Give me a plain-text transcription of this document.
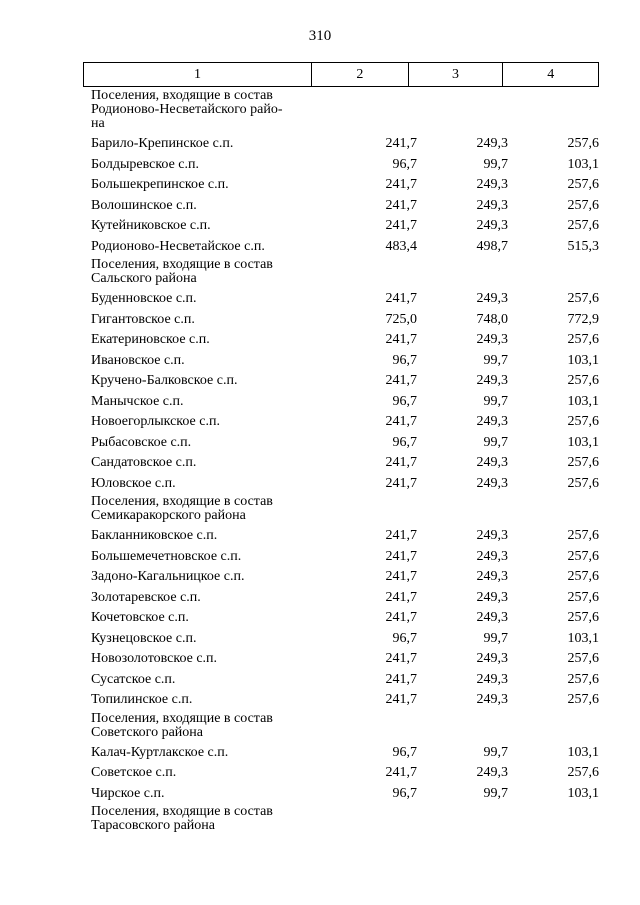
310
1	2	3	4
Поселения, входящие в состав
Родионово-Несветайского райо-
на
Барило-Крепинское с.п.	241,7	249,3	257,6
Болдыревское с.п.	96,7	99,7	103,1
Большекрепинское с.п.	241,7	249,3	257,6
Волошинское с.п.	241,7	249,3	257,6
Кутейниковское с.п.	241,7	249,3	257,6
Родионово-Несветайское с.п.	483,4	498,7	515,3
Поселения, входящие в состав
Сальского района
Буденновское с.п.	241,7	249,3	257,6
Гигантовское с.п.	725,0	748,0	772,9
Екатериновское с.п.	241,7	249,3	257,6
Ивановское с.п.	96,7	99,7	103,1
Кручено-Балковское с.п.	241,7	249,3	257,6
Манычское с.п.	96,7	99,7	103,1
Новоегорлыкское с.п.	241,7	249,3	257,6
Рыбасовское с.п.	96,7	99,7	103,1
Сандатовское с.п.	241,7	249,3	257,6
Юловское с.п.	241,7	249,3	257,6
Поселения, входящие в состав
Семикаракорского района
Бакланниковское с.п.	241,7	249,3	257,6
Большемечетновское с.п.	241,7	249,3	257,6
Задоно-Кагальницкое с.п.	241,7	249,3	257,6
Золотаревское с.п.	241,7	249,3	257,6
Кочетовское с.п.	241,7	249,3	257,6
Кузнецовское с.п.	96,7	99,7	103,1
Новозолотовское с.п.	241,7	249,3	257,6
Сусатское с.п.	241,7	249,3	257,6
Топилинское с.п.	241,7	249,3	257,6
Поселения, входящие в состав
Советского района
Калач-Куртлакское с.п.	96,7	99,7	103,1
Советское с.п.	241,7	249,3	257,6
Чирское с.п.	96,7	99,7	103,1
Поселения, входящие в состав
Тарасовского района
